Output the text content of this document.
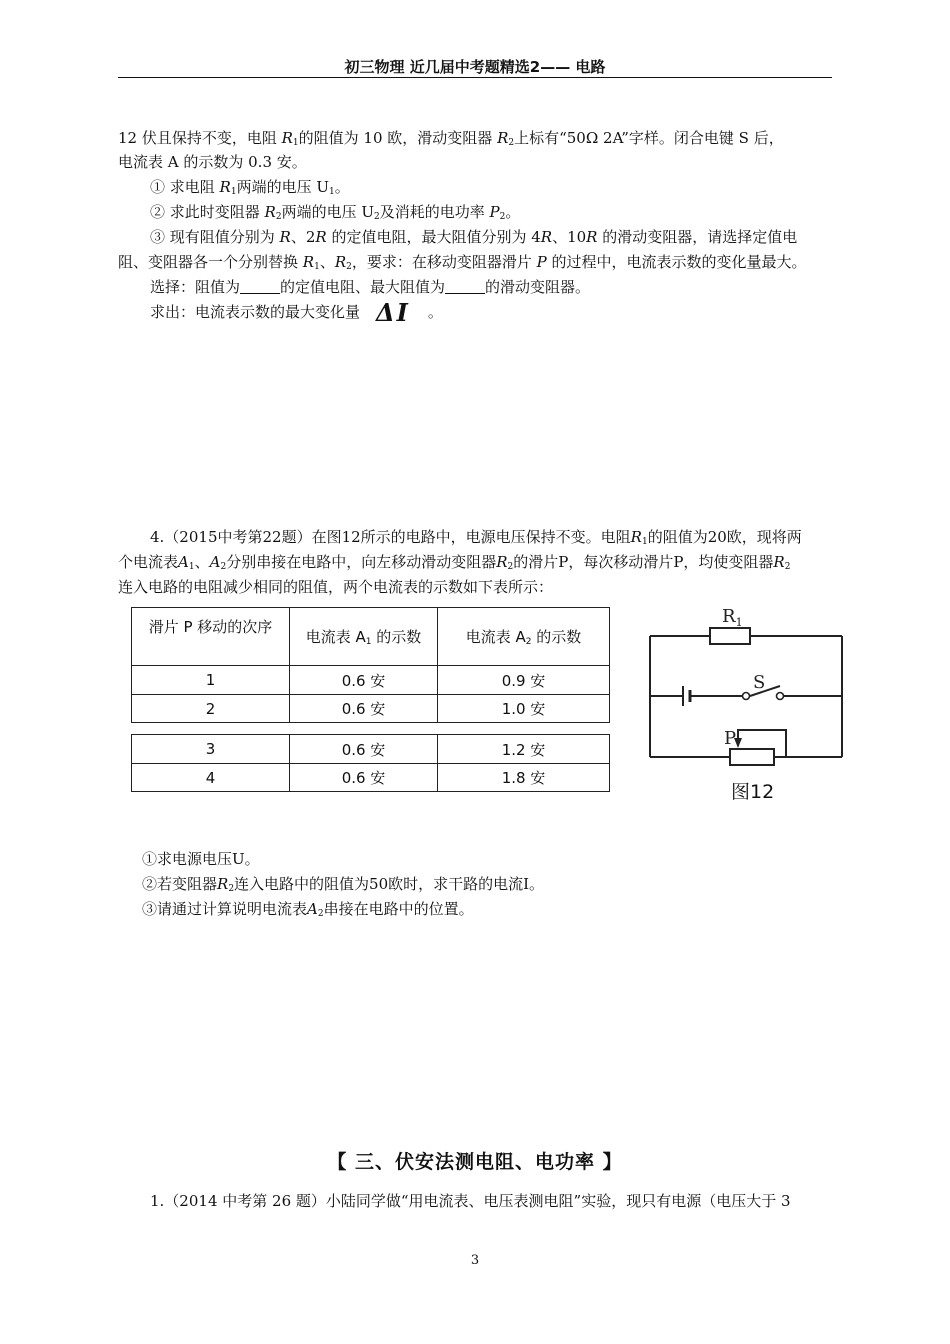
初三物理 近几届中考题精选2—— 电路
12 伏且保持不变，电阻 $R_1$的阻值为 10 欧，滑动变阻器 $R_2$上标有“50Ω 2A”字样。闭合电键 S 后，
电流表 A 的示数为 0.3 安。
① 求电阻 $R_1$两端的电压 $U_1$。
② 求此时变阻器 $R_2$两端的电压 $U_2$及消耗的电功率 $P_2$。
③ 现有阻值分别为 R、2R 的定值电阻，最大阻值分别为 4R、10R 的滑动变阻器，请选择定值电
阻、变阻器各一个分别替换 $R_1$、$R_2$，要求：在移动变阻器滑片 P 的过程中，电流表示数的变化量最大。
选择：阻值为	的定值电阻、最大阻值为	的滑动变阻器。
求出：电流表示数的最大变化量 ΔI 。
4.（2015中考第22题）在图12所示的电路中，电源电压保持不变。电阻$R_1$的阻值为20欧，现将两
个电流表$A_1$、$A_2$分别串接在电路中，向左移动滑动变阻器$R_2$的滑片P，每次移动滑片P，均使变阻器$R_2$
连入电路的电阻减少相同的阻值，两个电流表的示数如下表所示：
滑片 P 移动的次序	电流表 $A_1$ 的示数	电流表 $A_2$ 的示数
1	0.6 安	0.9 安
2	0.6 安	1.0 安
3	0.6 安	1.2 安
4	0.6 安	1.8 安
$R_1$
S
P
图12
①求电源电压U。
②若变阻器$R_2$连入电路中的阻值为50欧时，求干路的电流I。
③请通过计算说明电流表$A_2$串接在电路中的位置。
【 三、伏安法测电阻、电功率 】
1.（2014 中考第 26 题）小陆同学做“用电流表、电压表测电阻”实验，现只有电源（电压大于 3
3
